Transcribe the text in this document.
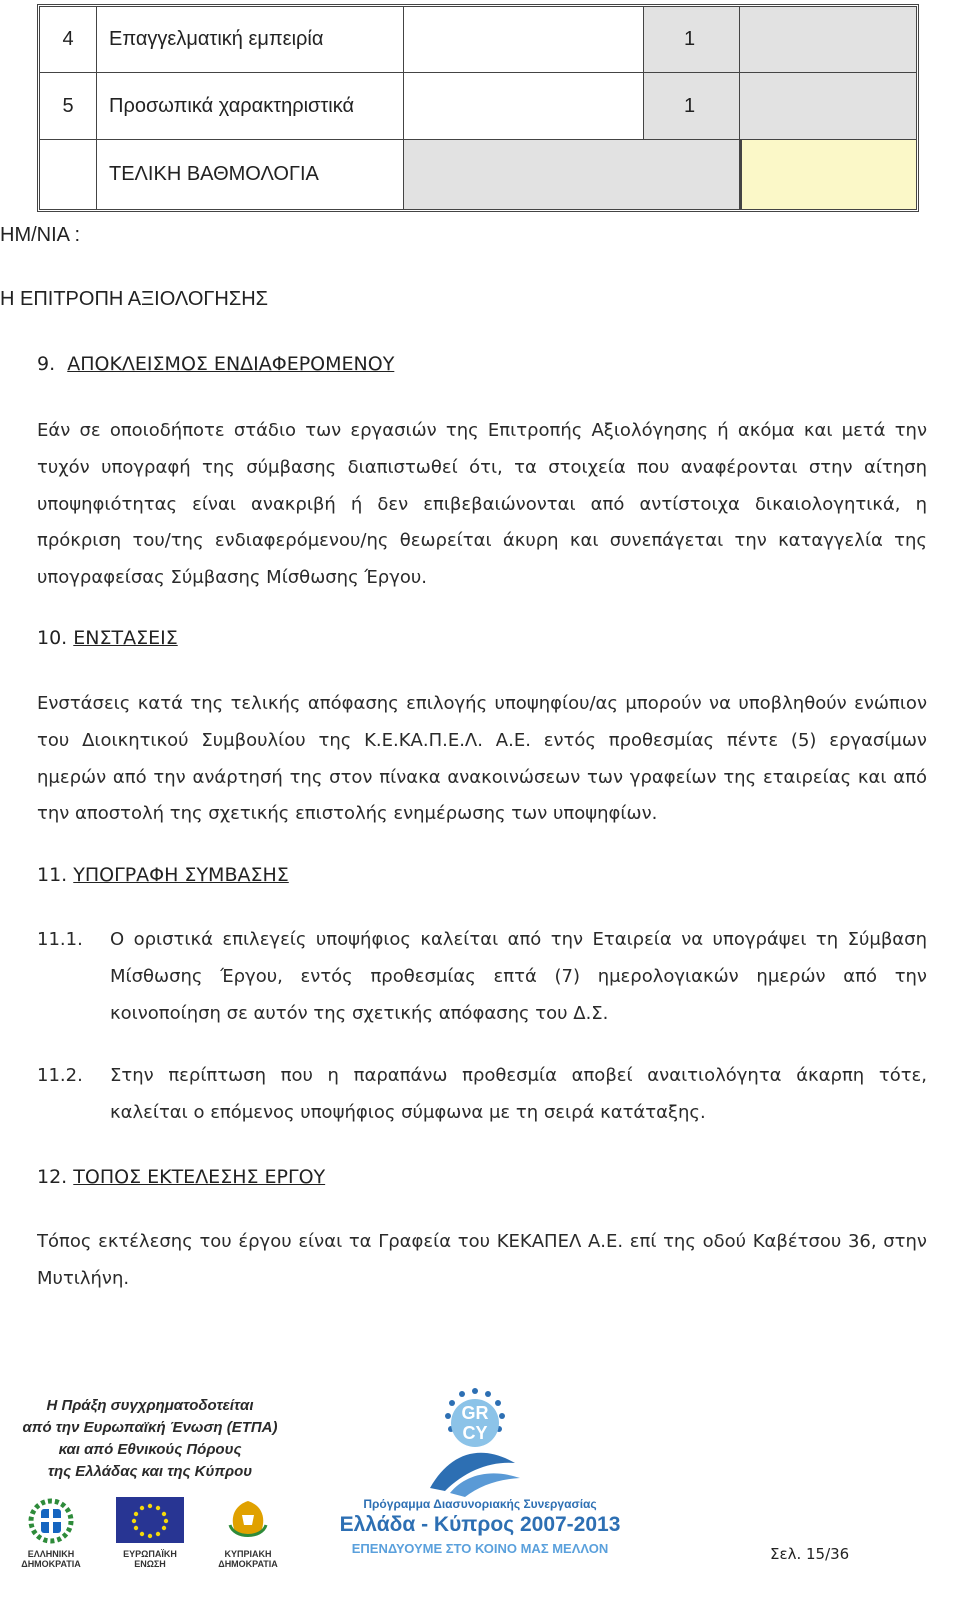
4 Επαγγελματική εμπειρία	1
5 Προσωπικά χαρακτηριστικά	1
ΤΕΛΙΚΗ ΒΑΘΜΟΛΟΓΙΑ
ΗΜ/ΝΙΑ :
Η ΕΠΙΤΡΟΠΗ ΑΞΙΟΛΟΓΗΣΗΣ
9. ΑΠΟΚΛΕΙΣΜΟΣ ΕΝΔΙΑΦΕΡΟΜΕΝΟΥ
Εάν σε οποιοδήποτε στάδιο των εργασιών της Επιτροπής Αξιολόγησης ή ακόμα και μετά την
τυχόν υπογραφή της σύμβασης διαπιστωθεί ότι, τα στοιχεία που αναφέρονται στην αίτηση
υποψηφιότητας είναι ανακριβή ή δεν επιβεβαιώνονται από αντίστοιχα δικαιολογητικά, η
πρόκριση του/της ενδιαφερόμενου/ης θεωρείται άκυρη και συνεπάγεται την καταγγελία της
υπογραφείσας Σύμβασης Μίσθωσης Έργου.
10. ΕΝΣΤΑΣΕΙΣ
Ενστάσεις κατά της τελικής απόφασης επιλογής υποψηφίου/ας μπορούν να υποβληθούν ενώπιον
του Διοικητικού Συμβουλίου της Κ.Ε.ΚΑ.Π.Ε.Λ. Α.Ε. εντός προθεσμίας πέντε (5) εργασίμων
ημερών από την ανάρτησή της στον πίνακα ανακοινώσεων των γραφείων της εταιρείας και από
την αποστολή της σχετικής επιστολής ενημέρωσης των υποψηφίων.
11. ΥΠΟΓΡΑΦΗ ΣΥΜΒΑΣΗΣ
11.1. Ο οριστικά επιλεγείς υποψήφιος καλείται από την Εταιρεία να υπογράψει τη Σύμβαση
Μίσθωσης Έργου, εντός προθεσμίας επτά (7) ημερολογιακών ημερών από την
κοινοποίηση σε αυτόν της σχετικής απόφασης του Δ.Σ.
11.2. Στην περίπτωση που η παραπάνω προθεσμία αποβεί αναιτιολόγητα άκαρπη τότε,
καλείται ο επόμενος υποψήφιος σύμφωνα με τη σειρά κατάταξης.
12. ΤΟΠΟΣ ΕΚΤΕΛΕΣΗΣ ΕΡΓΟΥ
Τόπος εκτέλεσης του έργου είναι τα Γραφεία του ΚΕΚΑΠΕΛ Α.Ε. επί της οδού Καβέτσου 36, στην
Μυτιλήνη.
Η Πράξη συγχρηματοδοτείται
από την Ευρωπαϊκή Ένωση (ΕΤΠΑ)
και από Εθνικούς Πόρους
της Ελλάδας και της Κύπρου
ΕΛΛΗΝΙΚΗ ΔΗΜΟΚΡΑΤΙΑ
ΕΥΡΩΠΑΪΚΗ ΕΝΩΣΗ
ΚΥΠΡΙΑΚΗ ΔΗΜΟΚΡΑΤΙΑ
GR
CY
Πρόγραμμα Διασυνοριακής Συνεργασίας
Ελλάδα - Κύπρος 2007-2013
ΕΠΕΝΔΥΟΥΜΕ ΣΤΟ ΚΟΙΝΟ ΜΑΣ ΜΕΛΛΟΝ	Σελ. 15/36
